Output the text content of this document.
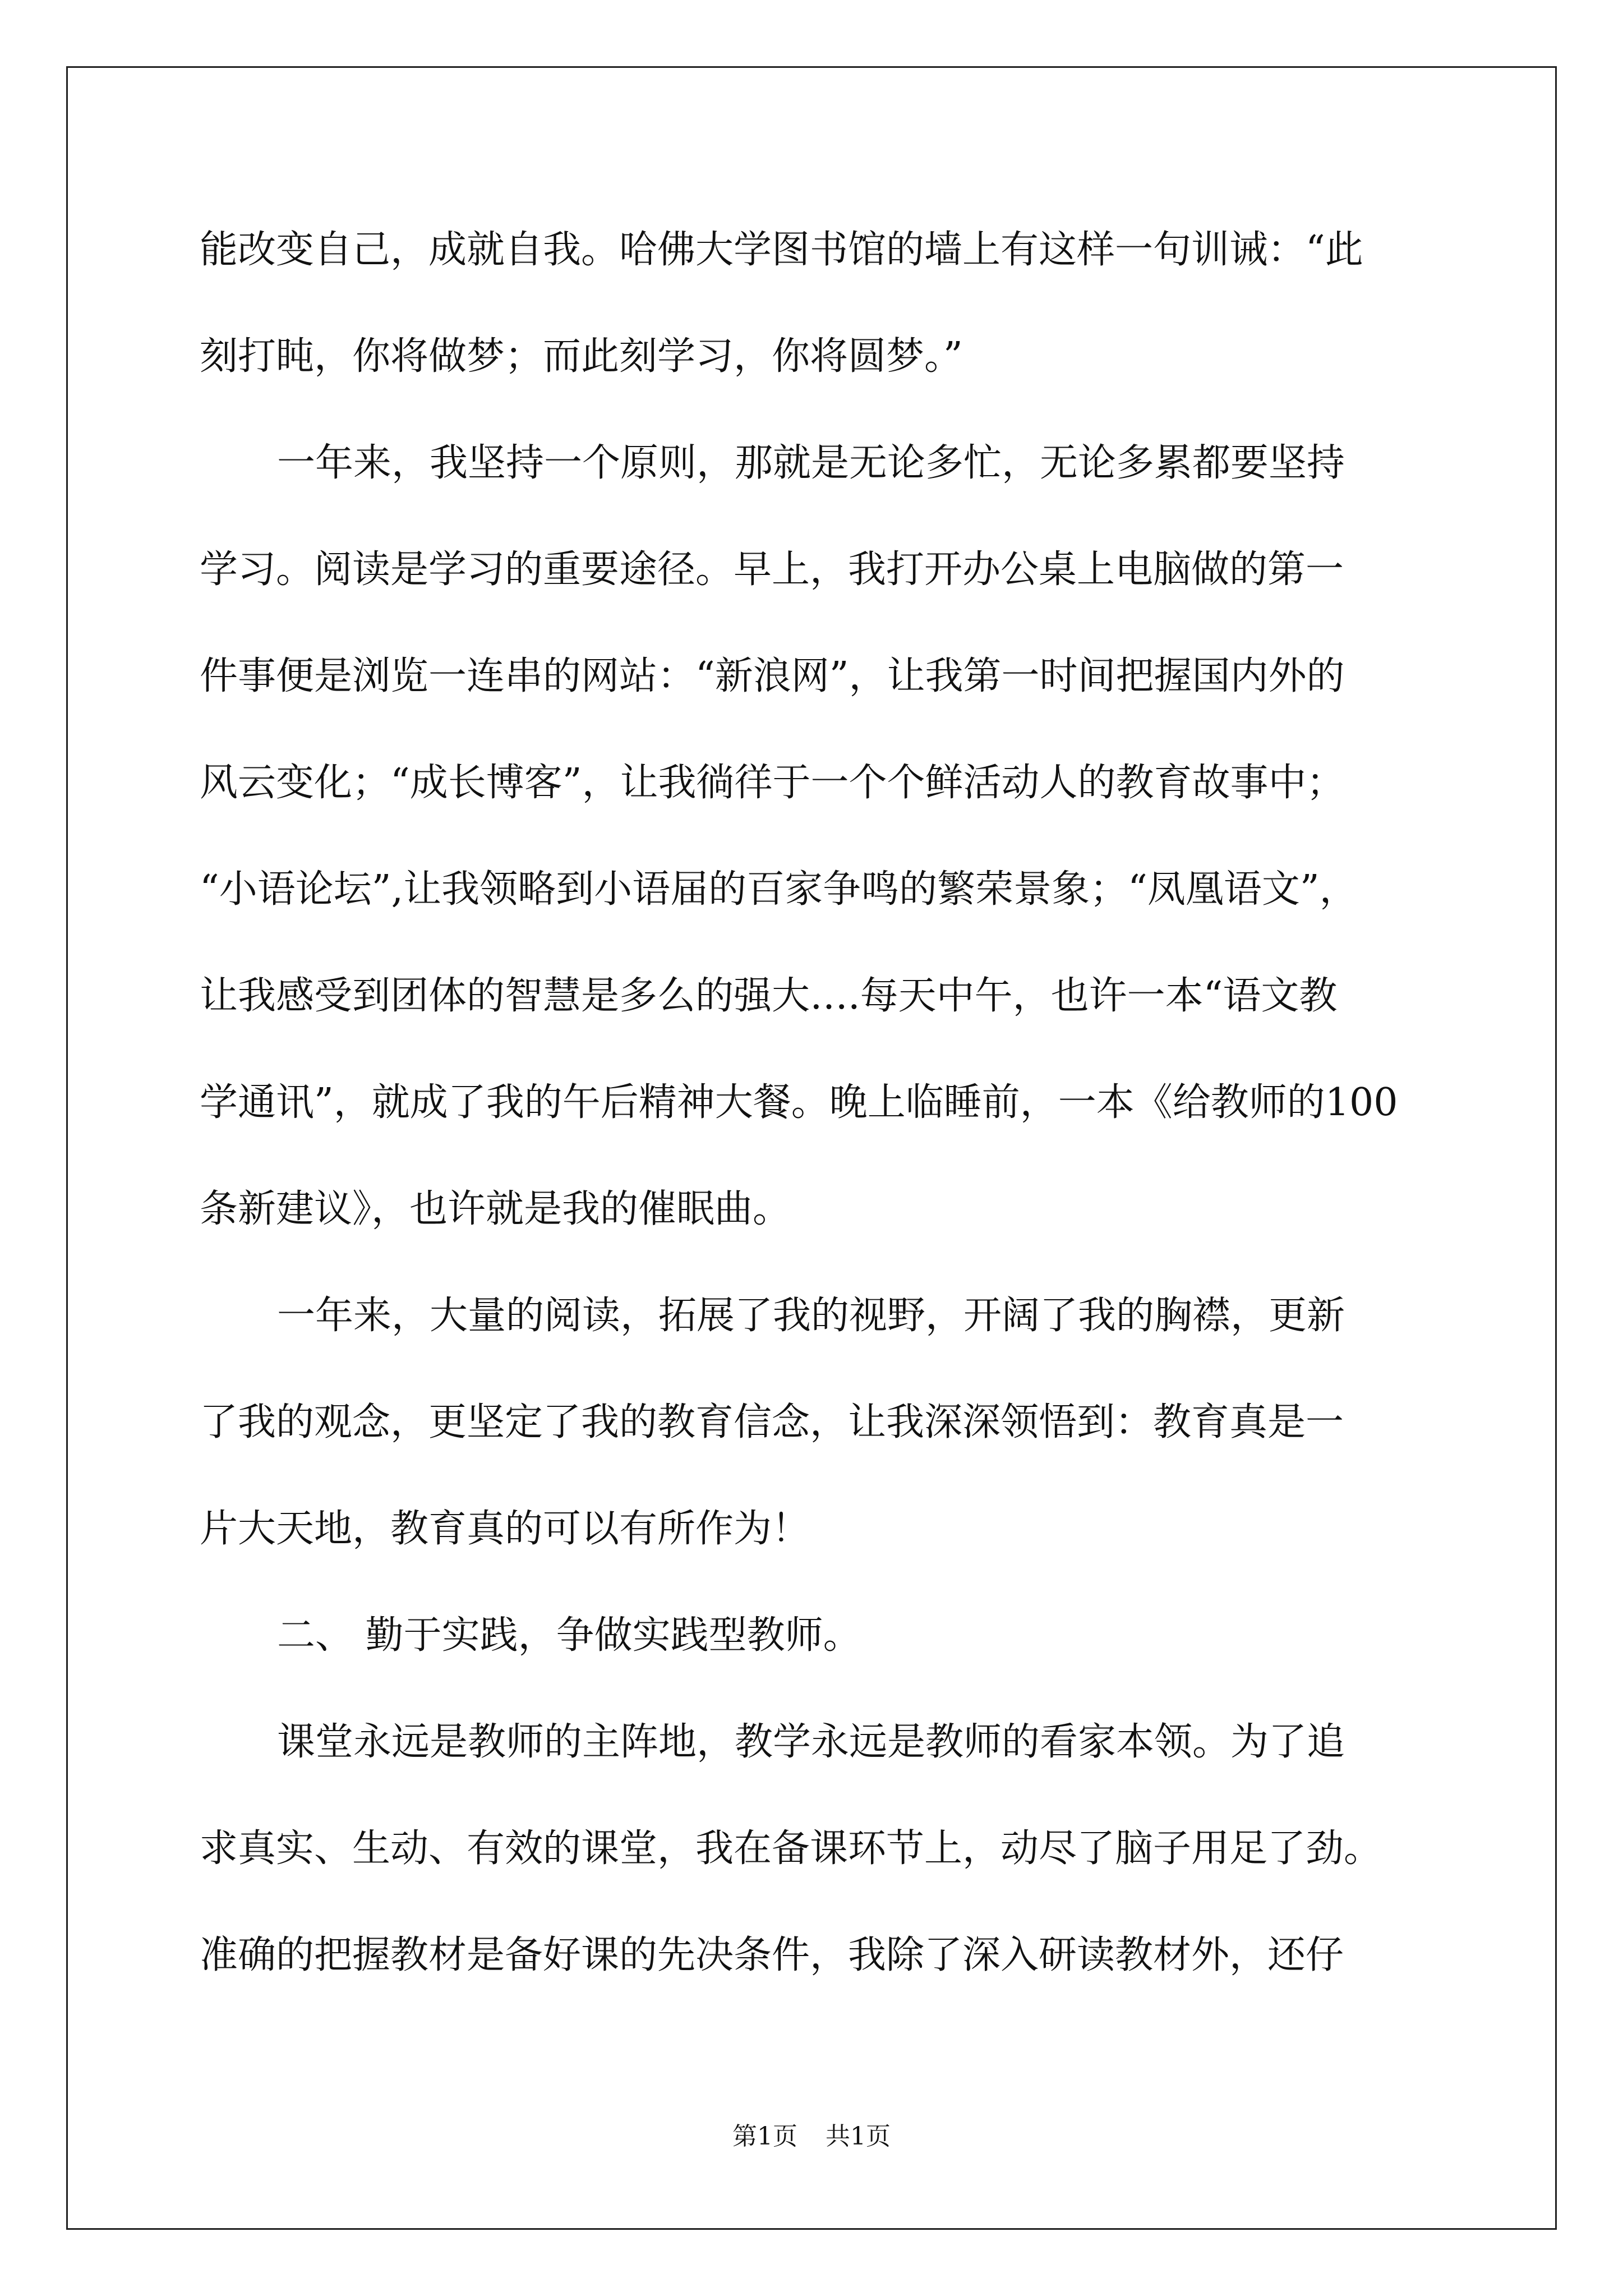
能改变自己，成就自我。哈佛大学图书馆的墙上有这样一句训诫：“此

刻打盹，你将做梦；而此刻学习，你将圆梦。”

一年来，我坚持一个原则，那就是无论多忙，无论多累都要坚持

学习。阅读是学习的重要途径。早上，我打开办公桌上电脑做的第一

件事便是浏览一连串的网站：“新浪网”，让我第一时间把握国内外的

风云变化；“成长博客”，让我徜徉于一个个鲜活动人的教育故事中；

“小语论坛”,让我领略到小语届的百家争鸣的繁荣景象；“凤凰语文”，

让我感受到团体的智慧是多么的强大….每天中午，也许一本“语文教

学通讯”，就成了我的午后精神大餐。晚上临睡前，一本《给教师的100

条新建议》，也许就是我的催眠曲。

一年来，大量的阅读，拓展了我的视野，开阔了我的胸襟，更新

了我的观念，更坚定了我的教育信念，让我深深领悟到：教育真是一

片大天地，教育真的可以有所作为！

二、 勤于实践，争做实践型教师。

课堂永远是教师的主阵地，教学永远是教师的看家本领。为了追

求真实、生动、有效的课堂，我在备课环节上，动尽了脑子用足了劲。

准确的把握教材是备好课的先决条件，我除了深入研读教材外，还仔

第1页 共1页
